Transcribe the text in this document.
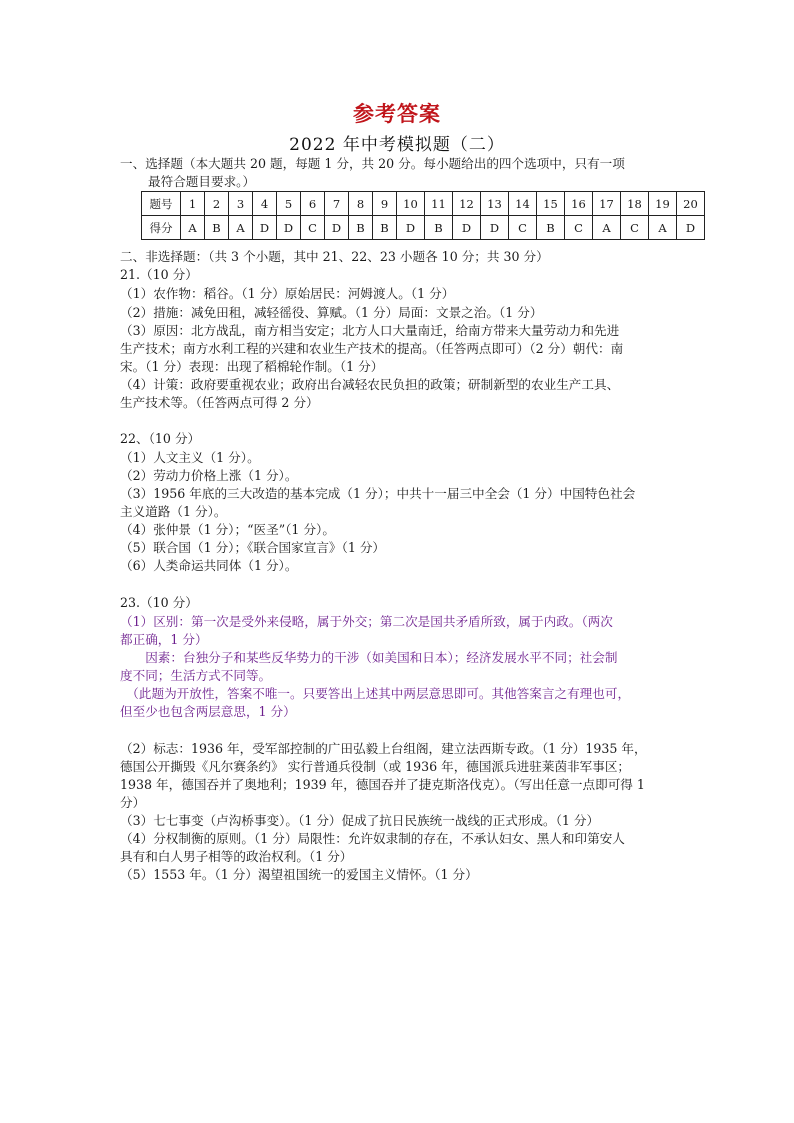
参考答案
2022 年中考模拟题（二）
一、选择题（本大题共 20 题，每题 1 分，共 20 分。每小题给出的四个选项中，只有一项
最符合题目要求。）
题号	1	2	3	4	5	6	7	8	9	10	11	12	13	14	15	16	17	18	19	20
得分	A	B	A	D	D	C	D	B	B	D	B	D	D	C	B	C	A	C	A	D
二、非选择题：（共 3 个小题，其中 21、22、23 小题各 10 分；共 30 分）
21.（10 分）
（1）农作物：稻谷。（1 分）原始居民：河姆渡人。（1 分）
（2）措施：减免田租，减轻徭役、算赋。（1 分）局面：文景之治。（1 分）
（3）原因：北方战乱，南方相当安定；北方人口大量南迁，给南方带来大量劳动力和先进
生产技术；南方水利工程的兴建和农业生产技术的提高。（任答两点即可）（2 分）朝代：南
宋。（1 分）表现：出现了稻棉轮作制。（1 分）
（4）计策：政府要重视农业；政府出台减轻农民负担的政策；研制新型的农业生产工具、
生产技术等。（任答两点可得 2 分）
22、（10 分）
（1）人文主义（1 分）。
（2）劳动力价格上涨（1 分）。
（3）1956 年底的三大改造的基本完成（1 分）；中共十一届三中全会（1 分）中国特色社会
主义道路（1 分）。
（4）张仲景（1 分）；“医圣”（1 分）。
（5）联合国（1 分）；《联合国家宣言》（1 分）
（6）人类命运共同体（1 分）。
23.（10 分）
（1）区别：第一次是受外来侵略，属于外交；第二次是国共矛盾所致，属于内政。（两次
都正确，1 分）
　　因素：台独分子和某些反华势力的干涉（如美国和日本）；经济发展水平不同；社会制
度不同；生活方式不同等。
　（此题为开放性，答案不唯一。只要答出上述其中两层意思即可。其他答案言之有理也可，
但至少也包含两层意思，1 分）
（2）标志：1936 年，受军部控制的广田弘毅上台组阁，建立法西斯专政。（1 分）1935 年，
德国公开撕毁《凡尔赛条约》 实行普通兵役制（或 1936 年，德国派兵进驻莱茵非军事区；
1938 年，德国吞并了奥地利；1939 年，德国吞并了捷克斯洛伐克）。（写出任意一点即可得 1
分）
（3）七七事变（卢沟桥事变）。（1 分）促成了抗日民族统一战线的正式形成。（1 分）
（4）分权制衡的原则。（1 分）局限性：允许奴隶制的存在，不承认妇女、黑人和印第安人
具有和白人男子相等的政治权利。（1 分）
（5）1553 年。（1 分）渴望祖国统一的爱国主义情怀。（1 分）
